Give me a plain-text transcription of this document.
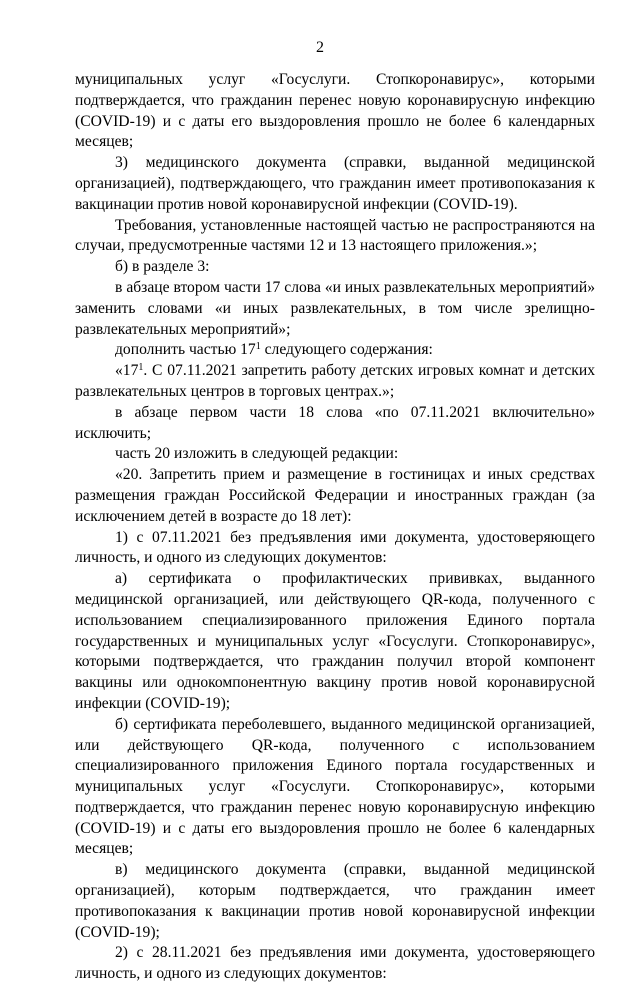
2

муниципальных услуг «Госуслуги. Стопкоронавирус», которыми подтверждается, что гражданин перенес новую коронавирусную инфекцию (COVID-19) и с даты его выздоровления прошло не более 6 календарных месяцев;

3) медицинского документа (справки, выданной медицинской организацией), подтверждающего, что гражданин имеет противопоказания к вакцинации против новой коронавирусной инфекции (COVID-19).

Требования, установленные настоящей частью не распространяются на случаи, предусмотренные частями 12 и 13 настоящего приложения.»;

б) в разделе 3:

в абзаце втором части 17 слова «и иных развлекательных мероприятий» заменить словами «и иных развлекательных, в том числе зрелищно-развлекательных мероприятий»;

дополнить частью $17^1$ следующего содержания:

«$17^1$. С 07.11.2021 запретить работу детских игровых комнат и детских развлекательных центров в торговых центрах.»;

в абзаце первом части 18 слова «по 07.11.2021 включительно» исключить;

часть 20 изложить в следующей редакции:

«20. Запретить прием и размещение в гостиницах и иных средствах размещения граждан Российской Федерации и иностранных граждан (за исключением детей в возрасте до 18 лет):

1) с 07.11.2021 без предъявления ими документа, удостоверяющего личность, и одного из следующих документов:

а) сертификата о профилактических прививках, выданного медицинской организацией, или действующего QR-кода, полученного с использованием специализированного приложения Единого портала государственных и муниципальных услуг «Госуслуги. Стопкоронавирус», которыми подтверждается, что гражданин получил второй компонент вакцины или однокомпонентную вакцину против новой коронавирусной инфекции (COVID-19);

б) сертификата переболевшего, выданного медицинской организацией, или действующего QR-кода, полученного с использованием специализированного приложения Единого портала государственных и муниципальных услуг «Госуслуги. Стопкоронавирус», которыми подтверждается, что гражданин перенес новую коронавирусную инфекцию (COVID-19) и с даты его выздоровления прошло не более 6 календарных месяцев;

в) медицинского документа (справки, выданной медицинской организацией), которым подтверждается, что гражданин имеет противопоказания к вакцинации против новой коронавирусной инфекции (COVID-19);

2) с 28.11.2021 без предъявления ими документа, удостоверяющего личность, и одного из следующих документов:
